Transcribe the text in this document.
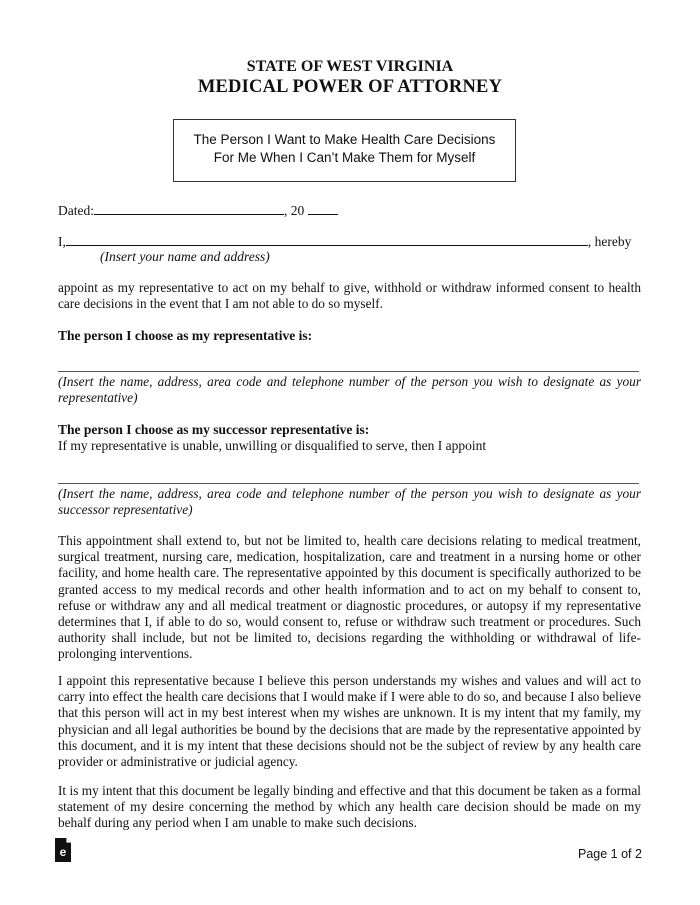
STATE OF WEST VIRGINIA
MEDICAL POWER OF ATTORNEY
The Person I Want to Make Health Care Decisions
For Me When I Can’t Make Them for Myself
Dated:	, 20
I,	, hereby
(Insert your name and address)
appoint as my representative to act on my behalf to give, withhold or withdraw informed consent to health care decisions in the event that I am not able to do so myself.
The person I choose as my representative is:
(Insert the name, address, area code and telephone number of the person you wish to designate as your representative)
The person I choose as my successor representative is:
If my representative is unable, unwilling or disqualified to serve, then I appoint
(Insert the name, address, area code and telephone number of the person you wish to designate as your successor representative)
This appointment shall extend to, but not be limited to, health care decisions relating to medical treatment, surgical treatment, nursing care, medication, hospitalization, care and treatment in a nursing home or other facility, and home health care. The representative appointed by this document is specifically authorized to be granted access to my medical records and other health information and to act on my behalf to consent to, refuse or withdraw any and all medical treatment or diagnostic procedures, or autopsy if my representative determines that I, if able to do so, would consent to, refuse or withdraw such treatment or procedures. Such authority shall include, but not be limited to, decisions regarding the withholding or withdrawal of life-prolonging interventions.
I appoint this representative because I believe this person understands my wishes and values and will act to carry into effect the health care decisions that I would make if I were able to do so, and because I also believe that this person will act in my best interest when my wishes are unknown. It is my intent that my family, my physician and all legal authorities be bound by the decisions that are made by the representative appointed by this document, and it is my intent that these decisions should not be the subject of review by any health care provider or administrative or judicial agency.
It is my intent that this document be legally binding and effective and that this document be taken as a formal statement of my desire concerning the method by which any health care decision should be made on my behalf during any period when I am unable to make such decisions.
e	Page 1 of 2
